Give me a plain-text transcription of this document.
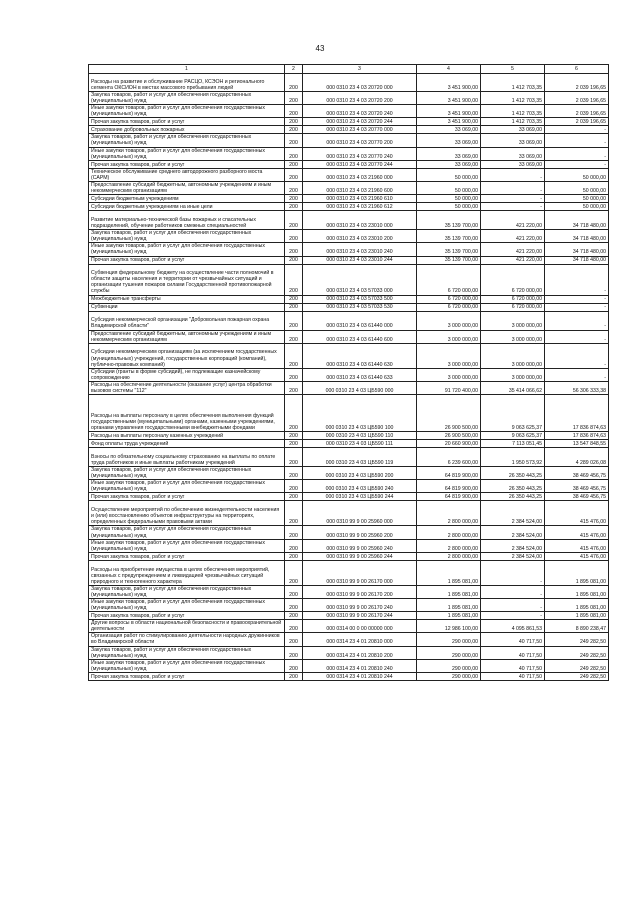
43
1	2	3	4	5	6
Расходы на развитие и обслуживание РАСЦО, КСЭОН и регионального сегмента ОКСИОН в местах массового пребывания людей	200	000 0310 23 4 03 20720 000	3 451 900,00	1 412 703,35	2 039 196,65
Закупка товаров, работ и услуг для обеспечения государственных (муниципальных) нужд	200	000 0310 23 4 03 20720 200	3 451 900,00	1 412 703,35	2 039 196,65
Иные закупки товаров, работ и услуг для обеспечения государственных (муниципальных) нужд	200	000 0310 23 4 03 20720 240	3 451 900,00	1 412 703,35	2 039 196,65
Прочая закупка товаров, работ и услуг	200	000 0310 23 4 03 20720 244	3 451 900,00	1 412 703,35	2 039 196,65
Страхование добровольных пожарных	200	000 0310 23 4 03 20770 000	33 069,00	33 069,00	-
Закупка товаров, работ и услуг для обеспечения государственных (муниципальных) нужд	200	000 0310 23 4 03 20770 200	33 069,00	33 069,00	-
Иные закупки товаров, работ и услуг для обеспечения государственных (муниципальных) нужд	200	000 0310 23 4 03 20770 240	33 069,00	33 069,00	-
Прочая закупка товаров, работ и услуг	200	000 0310 23 4 03 20770 244	33 069,00	33 069,00	-
Техническое обслуживание среднего автодорожного разборного моста (САРМ)	200	000 0310 23 4 03 21960 000	50 000,00	-	50 000,00
Предоставление субсидий бюджетным, автономным учреждениям и иным некоммерческим организациям	200	000 0310 23 4 03 21960 600	50 000,00	-	50 000,00
Субсидии бюджетным учреждениям	200	000 0310 23 4 03 21960 610	50 000,00	-	50 000,00
Субсидии бюджетным учреждениям на иные цели	200	000 0310 23 4 03 21960 612	50 000,00	-	50 000,00
Развитие материально-технической базы пожарных и спасательных подразделений, обучение работников смежных специальностей	200	000 0310 23 4 03 23010 000	35 139 700,00	421 220,00	34 718 480,00
Закупка товаров, работ и услуг для обеспечения государственных (муниципальных) нужд	200	000 0310 23 4 03 23010 200	35 139 700,00	421 220,00	34 718 480,00
Иные закупки товаров, работ и услуг для обеспечения государственных (муниципальных) нужд	200	000 0310 23 4 03 23010 240	35 139 700,00	421 220,00	34 718 480,00
Прочая закупка товаров, работ и услуг	200	000 0310 23 4 03 23010 244	35 139 700,00	421 220,00	34 718 480,00
Субвенция федеральному бюджету на осуществление части полномочий в области защиты населения и территории от чрезвычайных ситуаций и организации тушения пожаров силами Государственной противопожарной службы	200	000 0310 23 4 03 57033 000	6 720 000,00	6 720 000,00	-
Межбюджетные трансферты	200	000 0310 23 4 03 57033 500	6 720 000,00	6 720 000,00	-
Субвенции	200	000 0310 23 4 03 57033 530	6 720 000,00	6 720 000,00	-
Субсидия некоммерческой организации "Добровольная пожарная охрана Владимирской области"	200	000 0310 23 4 03 61440 000	3 000 000,00	3 000 000,00	-
Предоставление субсидий бюджетным, автономным учреждениям и иным некоммерческим организациям	200	000 0310 23 4 03 61440 600	3 000 000,00	3 000 000,00	-
Субсидии некоммерческим организациям (за исключением государственных (муниципальных) учреждений, государственных корпораций (компаний), публично-правовых компаний)	200	000 0310 23 4 03 61440 630	3 000 000,00	3 000 000,00	-
Субсидии (гранты в форме субсидий), не подлежащие казначейскому сопровождению	200	000 0310 23 4 03 61440 633	3 000 000,00	3 000 000,00	-
Расходы на обеспечение деятельности (оказание услуг) центра обработки вызовов системы "112"	200	000 0310 23 4 03 ЦБ590 000	91 720 400,00	35 414 066,62	56 306 333,38
Расходы на выплаты персоналу в целях обеспечения выполнения функций государственными (муниципальными) органами, казенными учреждениями, органами управления государственными внебюджетными фондами	200	000 0310 23 4 03 ЦБ590 100	26 900 500,00	9 063 625,37	17 836 874,63
Расходы на выплаты персоналу казенных учреждений	200	000 0310 23 4 03 ЦБ590 110	26 900 500,00	9 063 625,37	17 836 874,63
Фонд оплаты труда учреждений	200	000 0310 23 4 03 ЦБ590 111	20 660 900,00	7 113 051,45	13 547 848,55
Взносы по обязательному социальному страхованию на выплаты по оплате труда работников и иные выплаты работникам учреждений	200	000 0310 23 4 03 ЦБ590 119	6 239 600,00	1 950 573,92	4 289 026,08
Закупка товаров, работ и услуг для обеспечения государственных (муниципальных) нужд	200	000 0310 23 4 03 ЦБ590 200	64 819 900,00	26 350 443,25	38 469 456,75
Иные закупки товаров, работ и услуг для обеспечения государственных (муниципальных) нужд	200	000 0310 23 4 03 ЦБ590 240	64 819 900,00	26 350 443,25	38 469 456,75
Прочая закупка товаров, работ и услуг	200	000 0310 23 4 03 ЦБ590 244	64 819 900,00	26 350 443,25	38 469 456,75
Осуществление мероприятий по обеспечению жизнедеятельности населения и (или) восстановлению объектов инфраструктуры на территориях, определенных федеральными правовыми актами	200	000 0310 99 9 00 25960 000	2 800 000,00	2 384 524,00	415 476,00
Закупка товаров, работ и услуг для обеспечения государственных (муниципальных) нужд	200	000 0310 99 9 00 25960 200	2 800 000,00	2 384 524,00	415 476,00
Иные закупки товаров, работ и услуг для обеспечения государственных (муниципальных) нужд	200	000 0310 99 9 00 25960 240	2 800 000,00	2 384 524,00	415 476,00
Прочая закупка товаров, работ и услуг	200	000 0310 99 9 00 25960 244	2 800 000,00	2 384 524,00	415 476,00
Расходы на приобретение имущества в целях обеспечения мероприятий, связанных с предупреждением и ликвидацией чрезвычайных ситуаций природного и техногенного характера	200	000 0310 99 9 00 26170 000	1 895 081,00	-	1 895 081,00
Закупка товаров, работ и услуг для обеспечения государственных (муниципальных) нужд	200	000 0310 99 9 00 26170 200	1 895 081,00	-	1 895 081,00
Иные закупки товаров, работ и услуг для обеспечения государственных (муниципальных) нужд	200	000 0310 99 9 00 26170 240	1 895 081,00	-	1 895 081,00
Прочая закупка товаров, работ и услуг	200	000 0310 99 9 00 26170 244	1 895 081,00	-	1 895 081,00
Другие вопросы в области национальной безопасности и правоохранительной деятельности	200	000 0314 00 0 00 00000 000	12 986 100,00	4 095 861,53	8 890 238,47
Организация работ по стимулированию деятельности народных дружинников во Владимирской области	200	000 0314 23 4 01 20810 000	290 000,00	40 717,50	249 282,50
Закупка товаров, работ и услуг для обеспечения государственных (муниципальных) нужд	200	000 0314 23 4 01 20810 200	290 000,00	40 717,50	249 282,50
Иные закупки товаров, работ и услуг для обеспечения государственных (муниципальных) нужд	200	000 0314 23 4 01 20810 240	290 000,00	40 717,50	249 282,50
Прочая закупка товаров, работ и услуг	200	000 0314 23 4 01 20810 244	290 000,00	40 717,50	249 282,50
